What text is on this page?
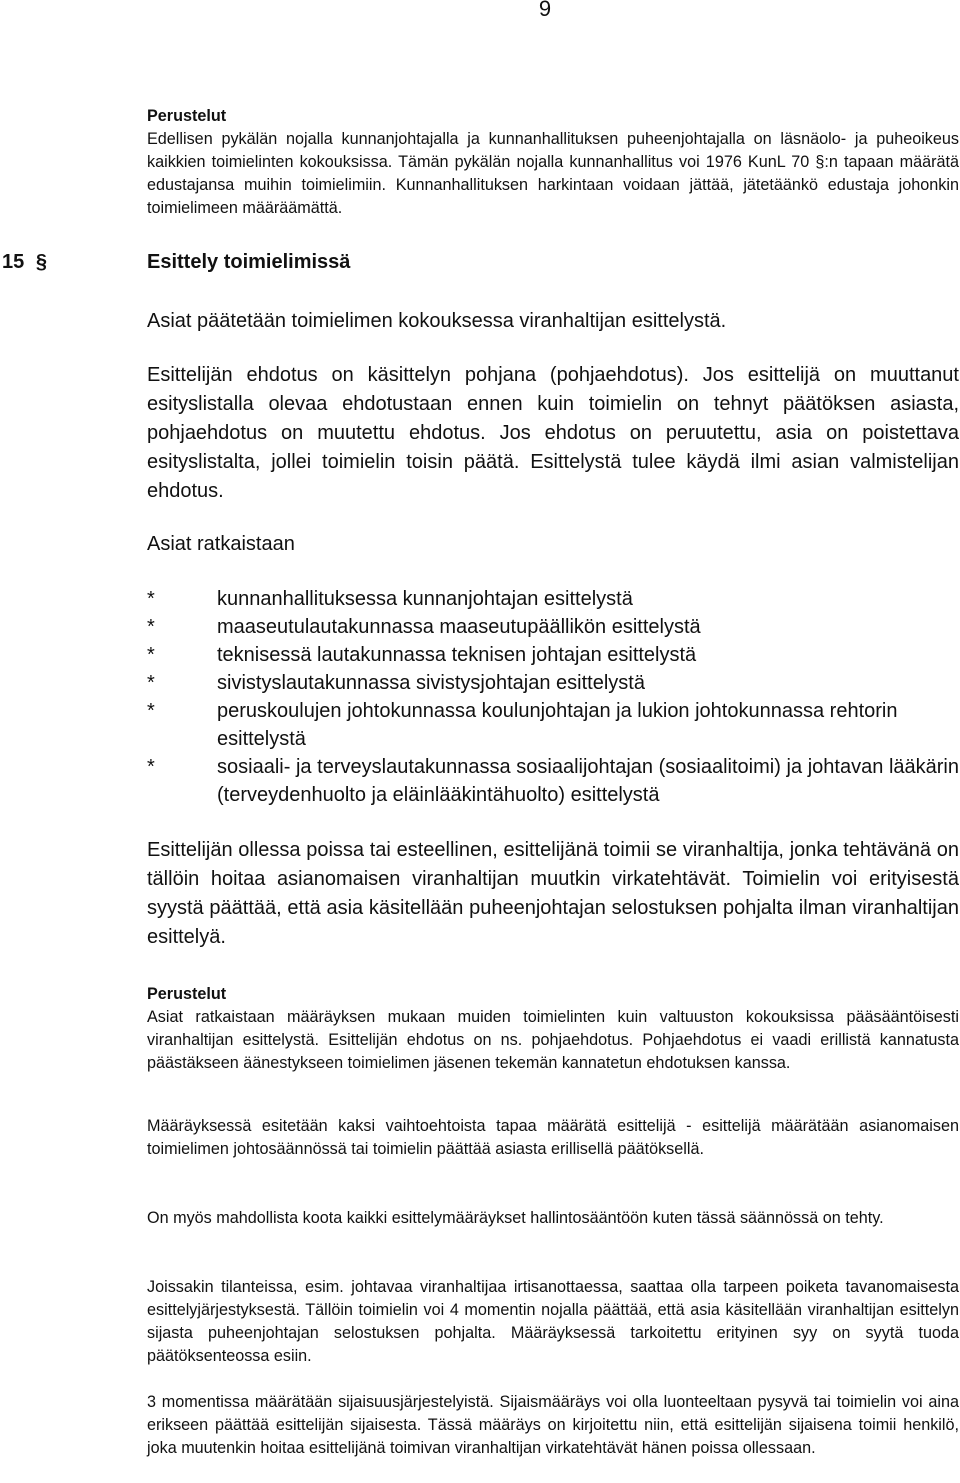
9
Perustelut
Edellisen pykälän nojalla kunnanjohtajalla ja kunnanhallituksen puheenjohtajalla on läsnäolo- ja puheoikeus kaikkien toimielinten kokouksissa. Tämän pykälän nojalla kunnanhallitus voi 1976 KunL 70 §:n tapaan määrätä edustajansa muihin toimielimiin. Kunnanhallituksen harkintaan voidaan jättää, jätetäänkö edustaja johonkin toimielimeen määräämättä.
15 §	Esittely toimielimissä
Asiat päätetään toimielimen kokouksessa viranhaltijan esittelystä.
Esittelijän ehdotus on käsittelyn pohjana (pohjaehdotus). Jos esittelijä on muuttanut esityslistalla olevaa ehdotustaan ennen kuin toimielin on tehnyt päätöksen asiasta, pohjaehdotus on muutettu ehdotus. Jos ehdotus on peruutettu, asia on poistettava esityslistalta, jollei toimielin toisin päätä. Esittelystä tulee käydä ilmi asian valmistelijan ehdotus.
Asiat ratkaistaan
*	kunnanhallituksessa kunnanjohtajan esittelystä
*	maaseutulautakunnassa maaseutupäällikön esittelystä
*	teknisessä lautakunnassa teknisen johtajan esittelystä
*	sivistyslautakunnassa sivistysjohtajan esittelystä
*	peruskoulujen johtokunnassa koulunjohtajan ja lukion johtokunnassa rehtorin esittelystä
*	sosiaali- ja terveyslautakunnassa sosiaalijohtajan (sosiaalitoimi) ja johtavan lääkärin (terveydenhuolto ja eläinlääkintähuolto) esittelystä
Esittelijän ollessa poissa tai esteellinen, esittelijänä toimii se viranhaltija, jonka tehtävänä on tällöin hoitaa asianomaisen viranhaltijan muutkin virkatehtävät. Toimielin voi erityisestä syystä päättää, että asia käsitellään puheenjohtajan selostuksen pohjalta ilman viranhaltijan esittelyä.
Perustelut
Asiat ratkaistaan määräyksen mukaan muiden toimielinten kuin valtuuston kokouksissa pääsääntöisesti viranhaltijan esittelystä. Esittelijän ehdotus on ns. pohjaehdotus. Pohjaehdotus ei vaadi erillistä kannatusta päästäkseen äänestykseen toimielimen jäsenen tekemän kannatetun ehdotuksen kanssa.
Määräyksessä esitetään kaksi vaihtoehtoista tapaa määrätä esittelijä - esittelijä määrätään asianomaisen toimielimen johtosäännössä tai toimielin päättää asiasta erillisellä päätöksellä.
On myös mahdollista koota kaikki esittelymääräykset hallintosääntöön kuten tässä säännössä on tehty.
Joissakin tilanteissa, esim. johtavaa viranhaltijaa irtisanottaessa, saattaa olla tarpeen poiketa tavanomaisesta esittelyjärjestyksestä. Tällöin toimielin voi 4 momentin nojalla päättää, että asia käsitellään viranhaltijan esittelyn sijasta puheenjohtajan selostuksen pohjalta. Määräyksessä tarkoitettu erityinen syy on syytä tuoda päätöksenteossa esiin.
3 momentissa määrätään sijaisuusjärjestelyistä. Sijaismääräys voi olla luonteeltaan pysyvä tai toimielin voi aina erikseen päättää esittelijän sijaisesta. Tässä määräys on kirjoitettu niin, että esittelijän sijaisena toimii henkilö, joka muutenkin hoitaa esittelijänä toimivan viranhaltijan virkatehtävät hänen poissa ollessaan.
